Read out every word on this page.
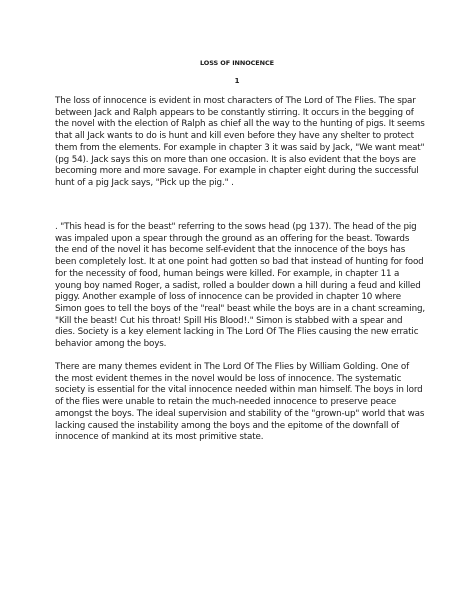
LOSS OF INNOCENCE
1

The loss of innocence is evident in most characters of The Lord of The Flies. The spar between Jack and Ralph appears to be constantly stirring. It occurs in the begging of the novel with the election of Ralph as chief all the way to the hunting of pigs. It seems that all Jack wants to do is hunt and kill even before they have any shelter to protect them from the elements. For example in chapter 3 it was said by Jack, "We want meat" (pg 54). Jack says this on more than one occasion. It is also evident that the boys are becoming more and more savage. For example in chapter eight during the successful hunt of a pig Jack says, "Pick up the pig." .

. "This head is for the beast" referring to the sows head (pg 137). The head of the pig was impaled upon a spear through the ground as an offering for the beast. Towards the end of the novel it has become self-evident that the innocence of the boys has been completely lost. It at one point had gotten so bad that instead of hunting for food for the necessity of food, human beings were killed. For example, in chapter 11 a young boy named Roger, a sadist, rolled a boulder down a hill during a feud and killed piggy. Another example of loss of innocence can be provided in chapter 10 where Simon goes to tell the boys of the "real" beast while the boys are in a chant screaming, "Kill the beast! Cut his throat! Spill His Blood!." Simon is stabbed with a spear and dies. Society is a key element lacking in The Lord Of The Flies causing the new erratic behavior among the boys.

There are many themes evident in The Lord Of The Flies by William Golding. One of the most evident themes in the novel would be loss of innocence. The systematic society is essential for the vital innocence needed within man himself. The boys in lord of the flies were unable to retain the much-needed innocence to preserve peace amongst the boys. The ideal supervision and stability of the "grown-up" world that was lacking caused the instability among the boys and the epitome of the downfall of innocence of mankind at its most primitive state.
